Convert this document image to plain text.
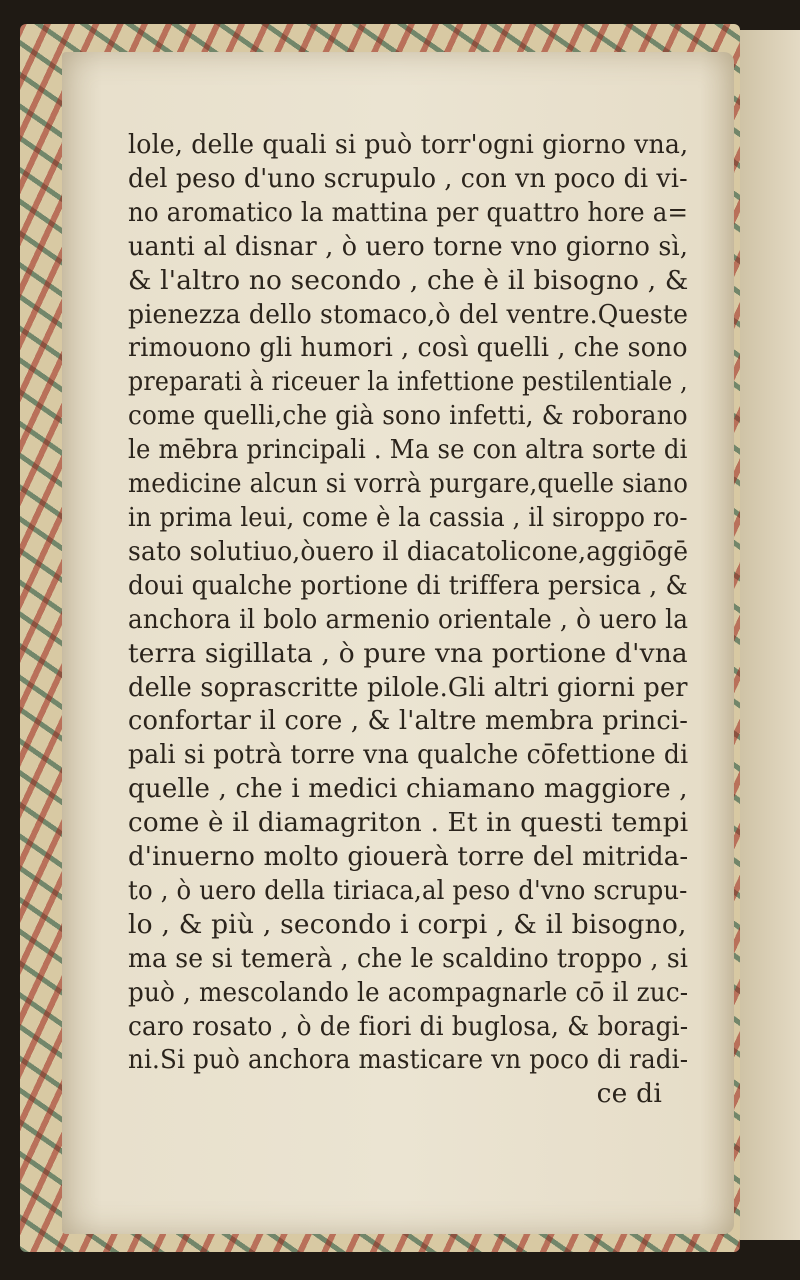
lole, delle quali si può torr'ogni giorno vna,
del peso d'uno scrupulo , con vn poco di vi-
no aromatico la mattina per quattro hore a=
uanti al disnar , ò uero torne vno giorno sì,
& l'altro no secondo , che è il bisogno , &
pienezza dello stomaco,ò del ventre.Queste
rimouono gli humori , così quelli , che sono
preparati à riceuer la infettione pestilentiale ,
come quelli,che già sono infetti, & roborano
le mēbra principali . Ma se con altra sorte di
medicine alcun si vorrà purgare,quelle siano
in prima leui, come è la cassia , il siroppo ro-
sato solutiuo,òuero il diacatolicone,aggiōgē
doui qualche portione di triffera persica , &
anchora il bolo armenio orientale , ò uero la
terra sigillata , ò pure vna portione d'vna
delle soprascritte pilole.Gli altri giorni per
confortar il core , & l'altre membra princi-
pali si potrà torre vna qualche cōfettione di
quelle , che i medici chiamano maggiore ,
come è il diamagriton . Et in questi tempi
d'inuerno molto giouerà torre del mitrida-
to , ò uero della tiriaca,al peso d'vno scrupu-
lo , & più , secondo i corpi , & il bisogno,
ma se si temerà , che le scaldino troppo , si
può , mescolando le acompagnarle cō il zuc-
caro rosato , ò de fiori di buglosa, & boragi-
ni.Si può anchora masticare vn poco di radi-
ce di
